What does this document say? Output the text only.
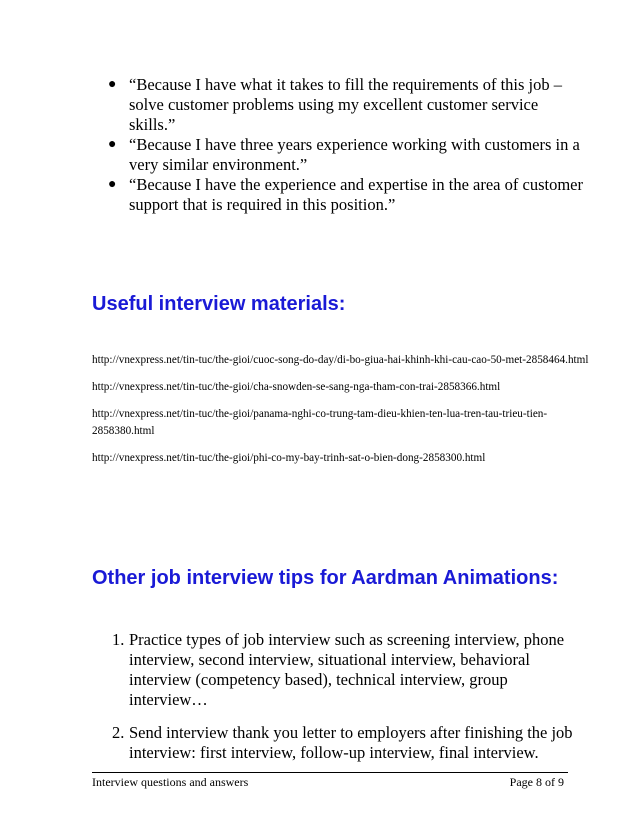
● “Because I have what it takes to fill the requirements of this job – solve customer problems using my excellent customer service skills.”
● “Because I have three years experience working with customers in a very similar environment.”
● “Because I have the experience and expertise in the area of customer support that is required in this position.”
Useful interview materials:

http://vnexpress.net/tin-tuc/the-gioi/cuoc-song-do-day/di-bo-giua-hai-khinh-khi-cau-cao-50-met-2858464.html

http://vnexpress.net/tin-tuc/the-gioi/cha-snowden-se-sang-nga-tham-con-trai-2858366.html

http://vnexpress.net/tin-tuc/the-gioi/panama-nghi-co-trung-tam-dieu-khien-ten-lua-tren-tau-trieu-tien-2858380.html

http://vnexpress.net/tin-tuc/the-gioi/phi-co-my-bay-trinh-sat-o-bien-dong-2858300.html

Other job interview tips for Aardman Animations:
1. Practice types of job interview such as screening interview, phone interview, second interview, situational interview, behavioral interview (competency based), technical interview, group interview…
2. Send interview thank you letter to employers after finishing the job interview: first interview, follow-up interview, final interview.
Interview questions and answers	Page 8 of 9
